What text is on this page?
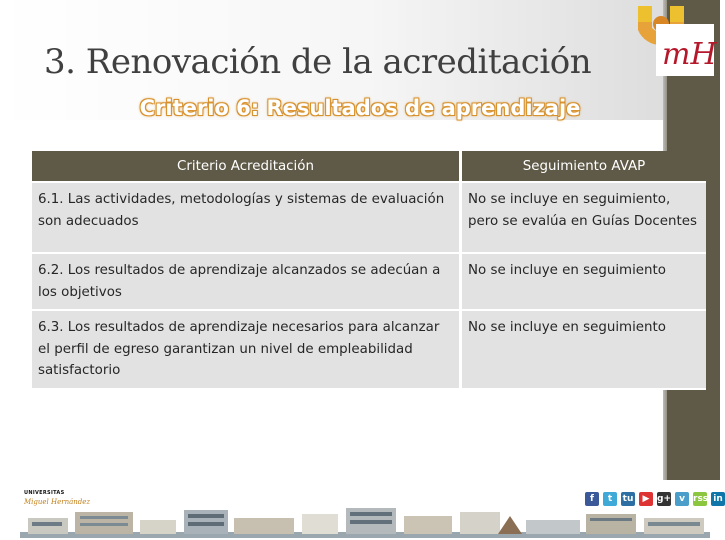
mH
3. Renovación de la acreditación
Criterio 6: Resultados de aprendizaje
Criterio Acreditación	Seguimiento AVAP
6.1. Las actividades, metodologías y sistemas de evaluación son adecuados	No se incluye en seguimiento, pero se evalúa en Guías Docentes
6.2. Los resultados de aprendizaje alcanzados se adecúan a los objetivos	No se incluye en seguimiento
6.3. Los resultados de aprendizaje necesarios para alcanzar el perfil de egreso garantizan un nivel de empleabilidad satisfactorio	No se incluye en seguimiento
UNIVERSITAS
Miguel Hernández	f	t	tu	▶ g+ v rss in
